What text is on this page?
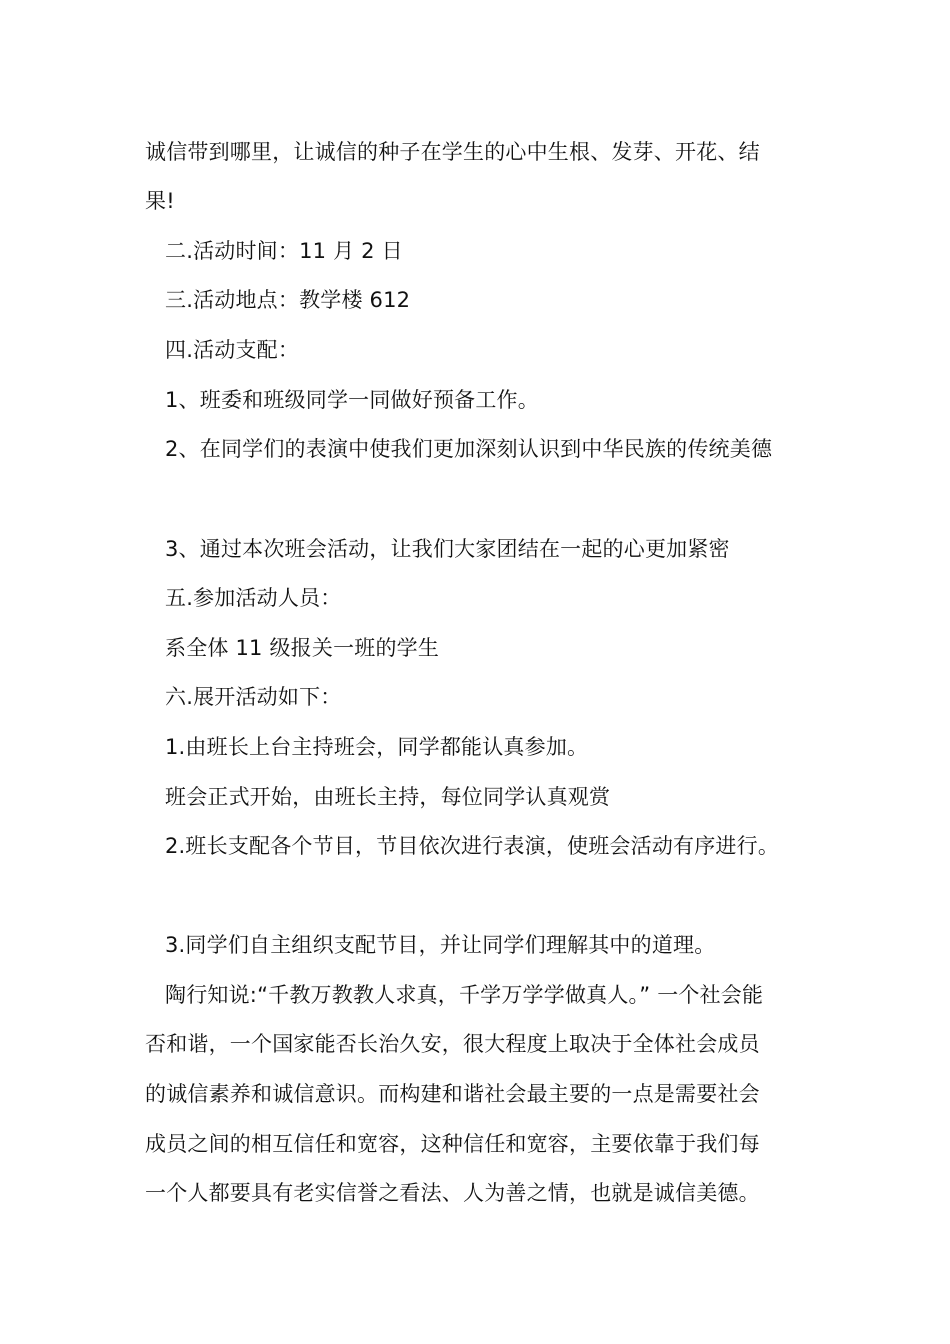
诚信带到哪里，让诚信的种子在学生的心中生根、发芽、开花、结
果!
二.活动时间：11 月 2 日
三.活动地点：教学楼 612
四.活动支配：
1、班委和班级同学一同做好预备工作。
2、在同学们的表演中使我们更加深刻认识到中华民族的传统美德
3、通过本次班会活动，让我们大家团结在一起的心更加紧密
五.参加活动人员：
系全体 11 级报关一班的学生
六.展开活动如下：
1.由班长上台主持班会，同学都能认真参加。
班会正式开始，由班长主持，每位同学认真观赏
2.班长支配各个节目，节目依次进行表演，使班会活动有序进行。
3.同学们自主组织支配节目，并让同学们理解其中的道理。
陶行知说:“千教万教教人求真，千学万学学做真人。” 一个社会能
否和谐，一个国家能否长治久安，很大程度上取决于全体社会成员
的诚信素养和诚信意识。而构建和谐社会最主要的一点是需要社会
成员之间的相互信任和宽容，这种信任和宽容，主要依靠于我们每
一个人都要具有老实信誉之看法、人为善之情，也就是诚信美德。
